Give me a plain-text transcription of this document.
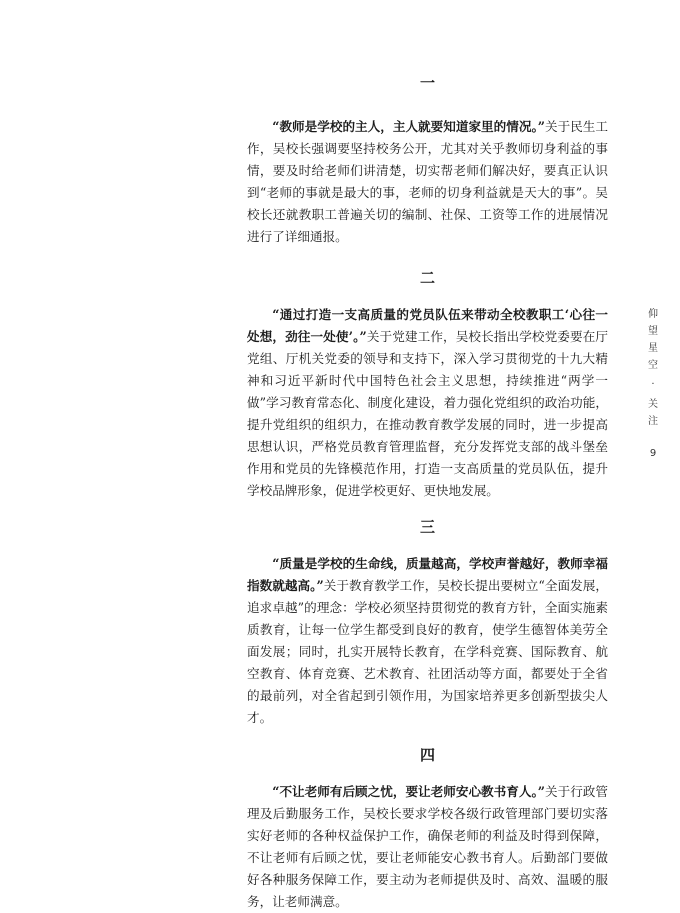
一

“教师是学校的主人，主人就要知道家里的情况。”关于民生工作，吴校长强调要坚持校务公开，尤其对关乎教师切身利益的事情，要及时给老师们讲清楚，切实帮老师们解决好，要真正认识到“老师的事就是最大的事，老师的切身利益就是天大的事”。吴校长还就教职工普遍关切的编制、社保、工资等工作的进展情况进行了详细通报。

二

“通过打造一支高质量的党员队伍来带动全校教职工‘心往一处想，劲往一处使’。”关于党建工作，吴校长指出学校党委要在厅党组、厅机关党委的领导和支持下，深入学习贯彻党的十九大精神和习近平新时代中国特色社会主义思想，持续推进“两学一做”学习教育常态化、制度化建设，着力强化党组织的政治功能，提升党组织的组织力，在推动教育教学发展的同时，进一步提高思想认识，严格党员教育管理监督，充分发挥党支部的战斗堡垒作用和党员的先锋模范作用，打造一支高质量的党员队伍，提升学校品牌形象，促进学校更好、更快地发展。

三

“质量是学校的生命线，质量越高，学校声誉越好，教师幸福指数就越高。”关于教育教学工作，吴校长提出要树立“全面发展，追求卓越”的理念：学校必须坚持贯彻党的教育方针，全面实施素质教育，让每一位学生都受到良好的教育，使学生德智体美劳全面发展；同时，扎实开展特长教育，在学科竞赛、国际教育、航空教育、体育竞赛、艺术教育、社团活动等方面，都要处于全省的最前列，对全省起到引领作用，为国家培养更多创新型拔尖人才。

四

“不让老师有后顾之忧，要让老师安心教书育人。”关于行政管理及后勤服务工作，吴校长要求学校各级行政管理部门要切实落实好老师的各种权益保护工作，确保老师的利益及时得到保障，不让老师有后顾之忧，要让老师能安心教书育人。后勤部门要做好各种服务保障工作，要主动为老师提供及时、高效、温暖的服务，让老师满意。

仰
望
星
空
·
关
注
9
